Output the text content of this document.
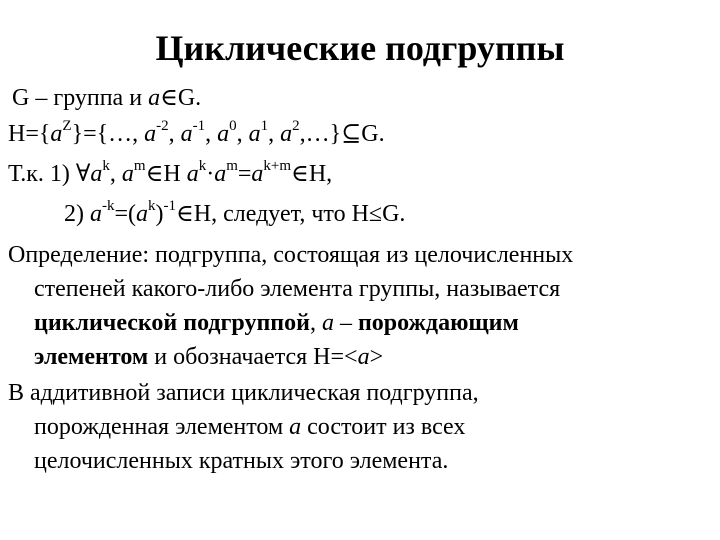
Циклические подгруппы
G – группа и a∈G.
$H=\{a^Z\}=\{\dots$, $a^{-2}$, $a^{-1}$, $a^0$, $a^1$, $a^2,\dots\}⊆G$.
Т.к. 1) $\forall a^k$, $a^m\in H$ $a^k\cdot a^m=a^{k+m}\in H$,
2) $a^{-k}=(a^k)^{-1}\in H$, следует, что H≤G.
Определение: подгруппа, состоящая из целочисленных
степеней какого-либо элемента группы, называется
циклической подгруппой, a – порождающим
элементом и обозначается H=<a>
В аддитивной записи циклическая подгруппа,
порожденная элементом a состоит из всех
целочисленных кратных этого элемента.
